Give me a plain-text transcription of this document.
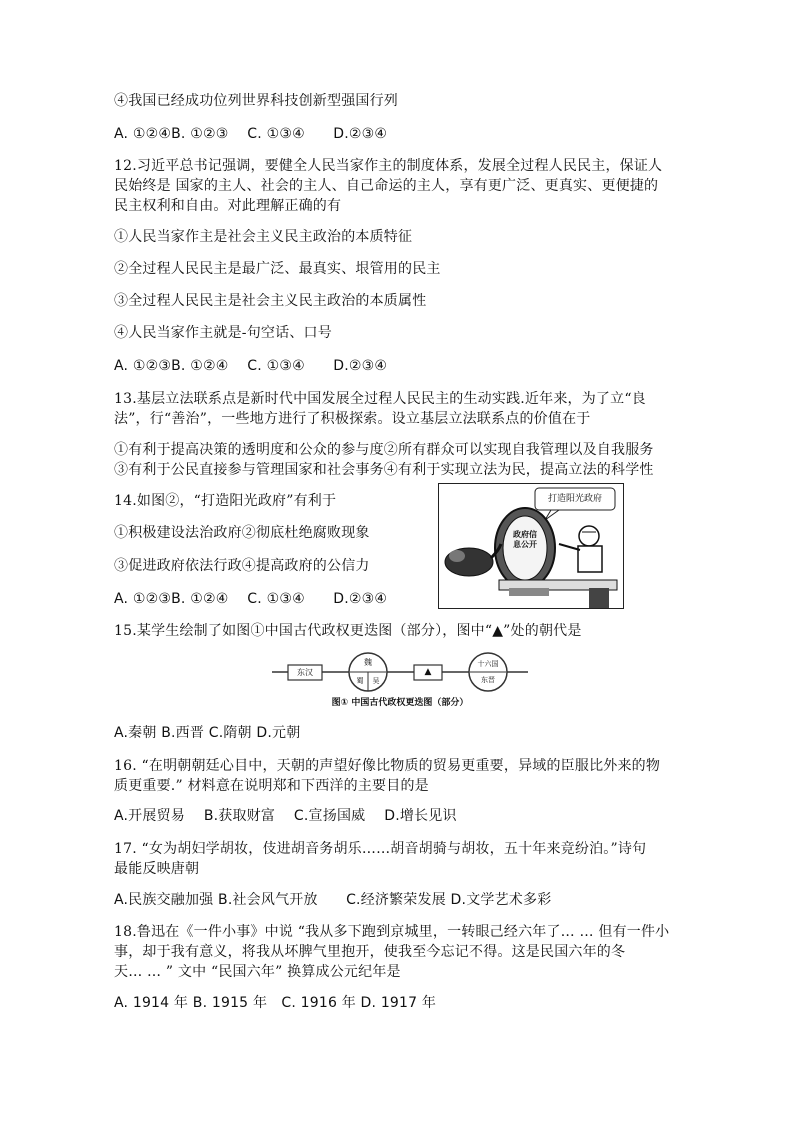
④我国已经成功位列世界科技创新型强国行列
A. ①②④B. ①②③　 C. ①③④　　D.②③④
12.习近平总书记强调，要健全人民当家作主的制度体系，发展全过程人民民主，保证人
民始终是 国家的主人、社会的主人、自己命运的主人，享有更广泛、更真实、更便捷的
民主权利和自由。对此理解正确的有
①人民当家作主是社会主义民主政治的本质特征
②全过程人民民主是最广泛、最真实、垠管用的民主
③全过程人民民主是社会主义民主政治的本质属性
④人民当家作主就是-句空话、口号
A. ①②③B. ①②④　 C. ①③④　　D.②③④
13.基层立法联系点是新时代中国发展全过程人民民主的生动实践.近年来，为了立“良
法”，行“善治”，一些地方进行了积极探索。设立基层立法联系点的价值在于
①有利于提高决策的透明度和公众的参与度②所有群众可以实现自我管理以及自我服务
③有利于公民直接参与管理国家和社会事务④有利于实现立法为民，提高立法的科学性
14.如图②，“打造阳光政府”有利于
①积极建设法治政府②彻底杜绝腐败现象
③促进政府依法行政④提高政府的公信力
A. ①②③B. ①②④　 C. ①③④　　D.②③④
打造阳光政府
政府信息公开
15.某学生绘制了如图①中国古代政权更迭图（部分），图中“▲”处的朝代是
东汉
魏
蜀	吴
▲
十六国
东晋
图① 中国古代政权更迭图（部分）
A.秦朝 B.西晋 C.隋朝 D.元朝
16. “在明朝朝廷心目中，天朝的声望好像比物质的贸易更重要，异域的臣服比外来的物
质更重要.” 材料意在说明郑和下西洋的主要目的是
A.开展贸易　 B.获取财富　 C.宣扬国威　 D.增长见识
17. “女为胡妇学胡妆，伎进胡音务胡乐……胡音胡骑与胡妆，五十年来竞纷泊。”诗句
最能反映唐朝
A.民族交融加强 B.社会风气开放　　C.经济繁荣发展 D.文学艺术多彩
18.鲁迅在《一件小事》中说 “我从多下跑到京城里，一转眼己经六年了… … 但有一件小
事，却于我有意义，将我从坏脾气里抱开，使我至今忘记不得。这是民国六年的冬
天… … ” 文中 “民国六年” 换算成公元纪年是
A. 1914 年 B. 1915 年　C. 1916 年 D. 1917 年
